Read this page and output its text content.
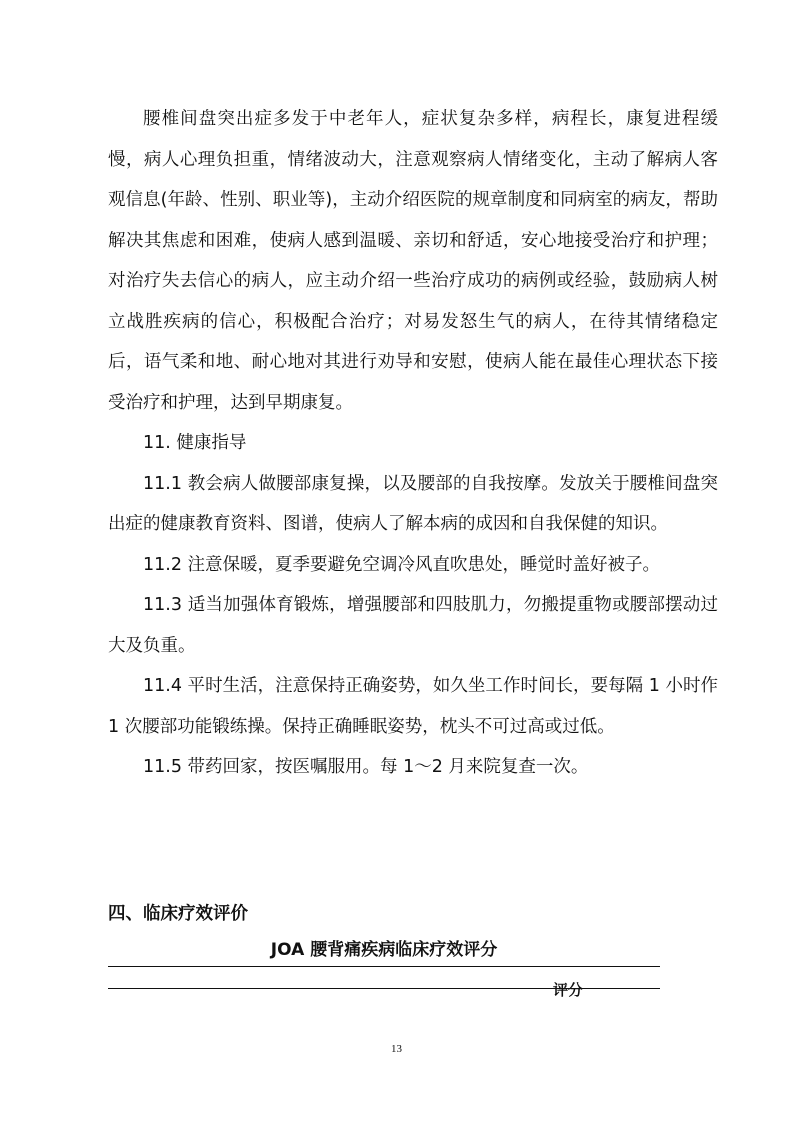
腰椎间盘突出症多发于中老年人，症状复杂多样，病程长，康复进程缓慢，病人心理负担重，情绪波动大，注意观察病人情绪变化，主动了解病人客观信息(年龄、性别、职业等)，主动介绍医院的规章制度和同病室的病友，帮助解决其焦虑和困难，使病人感到温暖、亲切和舒适，安心地接受治疗和护理；对治疗失去信心的病人，应主动介绍一些治疗成功的病例或经验，鼓励病人树立战胜疾病的信心，积极配合治疗；对易发怒生气的病人，在待其情绪稳定后，语气柔和地、耐心地对其进行劝导和安慰，使病人能在最佳心理状态下接受治疗和护理，达到早期康复。

11. 健康指导

11.1 教会病人做腰部康复操，以及腰部的自我按摩。发放关于腰椎间盘突出症的健康教育资料、图谱，使病人了解本病的成因和自我保健的知识。

11.2 注意保暖，夏季要避免空调冷风直吹患处，睡觉时盖好被子。

11.3 适当加强体育锻炼，增强腰部和四肢肌力，勿搬提重物或腰部摆动过大及负重。

11.4 平时生活，注意保持正确姿势，如久坐工作时间长，要每隔 1 小时作 1 次腰部功能锻练操。保持正确睡眠姿势，枕头不可过高或过低。

11.5 带药回家，按医嘱服用。每 1～2 月来院复查一次。

四、临床疗效评价
JOA 腰背痛疾病临床疗效评分
评分
13
